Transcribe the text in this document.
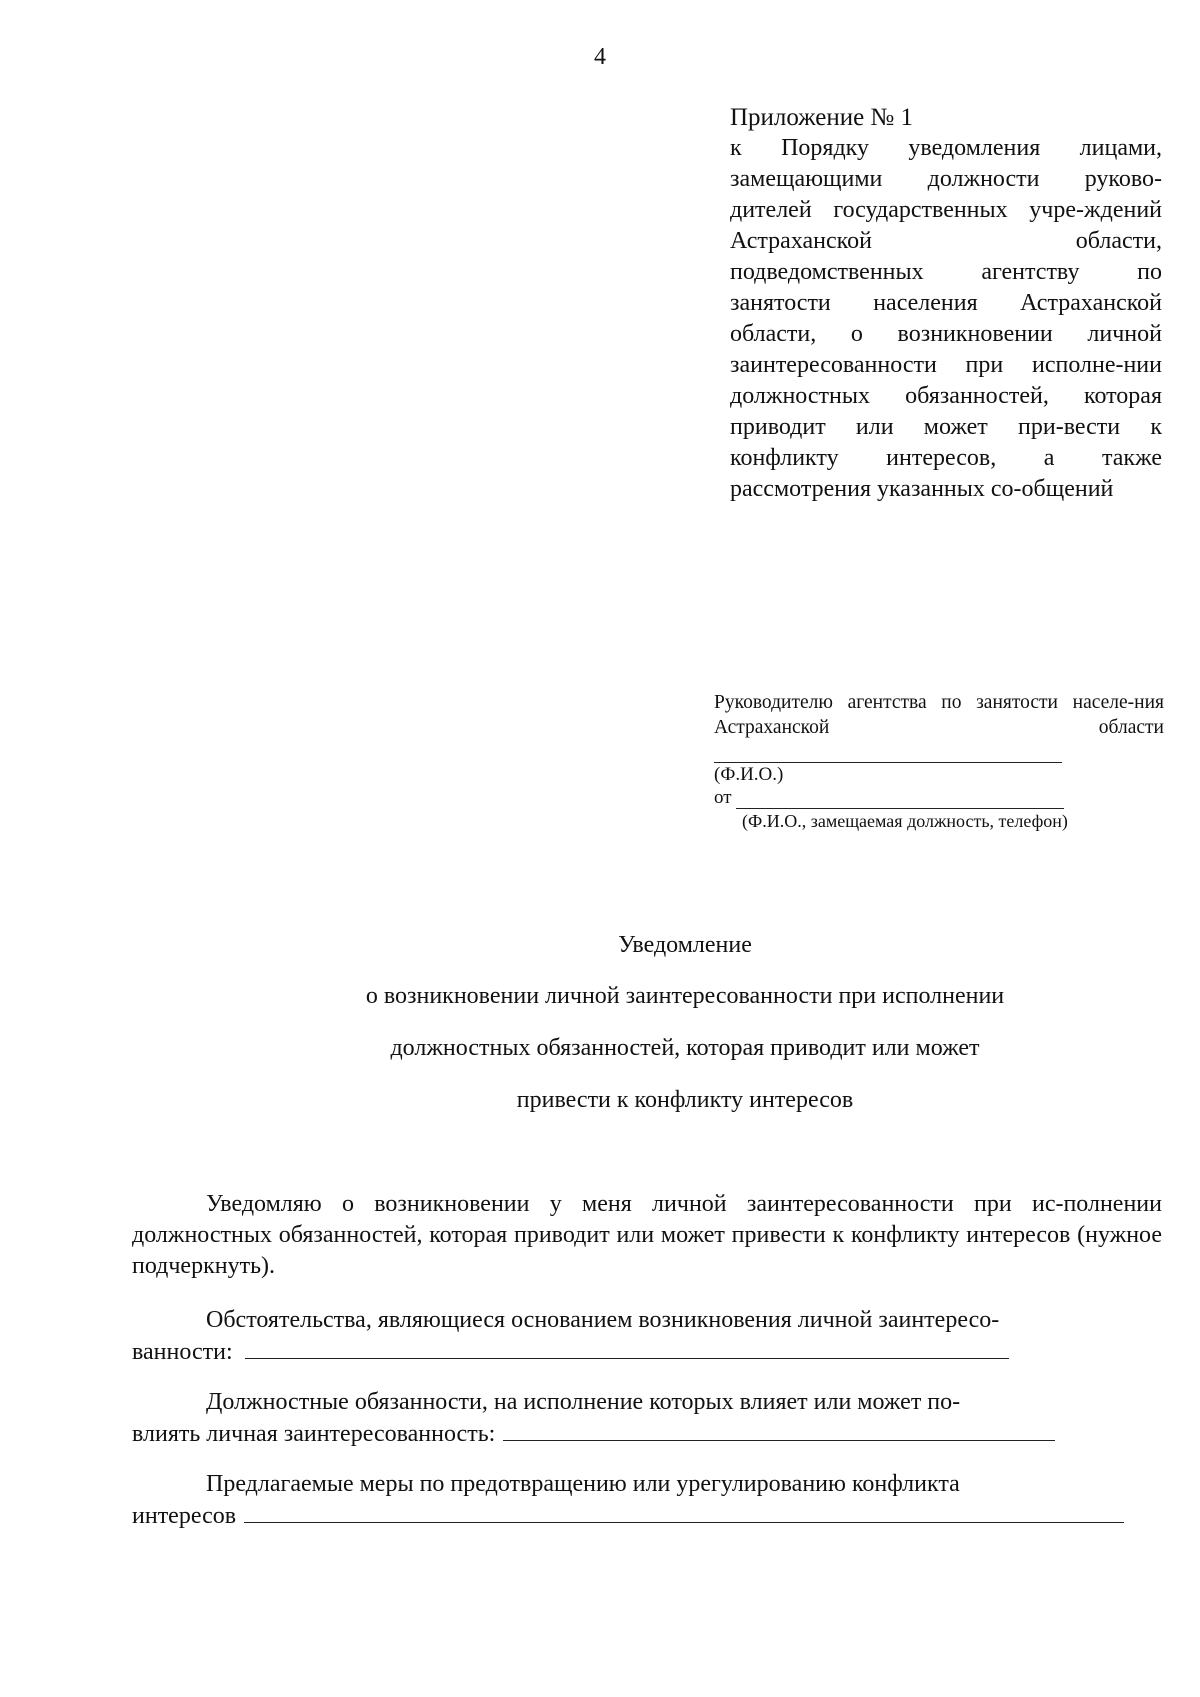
4
Приложение № 1
к Порядку уведомления лицами, замещающими должности руково-дителей государственных учре-ждений Астраханской области, подведомственных агентству по занятости населения Астраханской области, о возникновении личной заинтересованности при исполне-нии должностных обязанностей, которая приводит или может при-вести к конфликту интересов, а также рассмотрения указанных со-общений
Руководителю агентства по занятости населе-ния Астраханской области
(Ф.И.О.)
от
(Ф.И.О., замещаемая должность, телефон)
Уведомление
о возникновении личной заинтересованности при исполнении
должностных обязанностей, которая приводит или может
привести к конфликту интересов
Уведомляю о возникновении у меня личной заинтересованности при ис-полнении должностных обязанностей, которая приводит или может привести к конфликту интересов (нужное подчеркнуть).
Обстоятельства, являющиеся основанием возникновения личной заинтересо-
ванности:
Должностные обязанности, на исполнение которых влияет или может по-
влиять личная заинтересованность:
Предлагаемые меры по предотвращению или урегулированию конфликта
интересов
